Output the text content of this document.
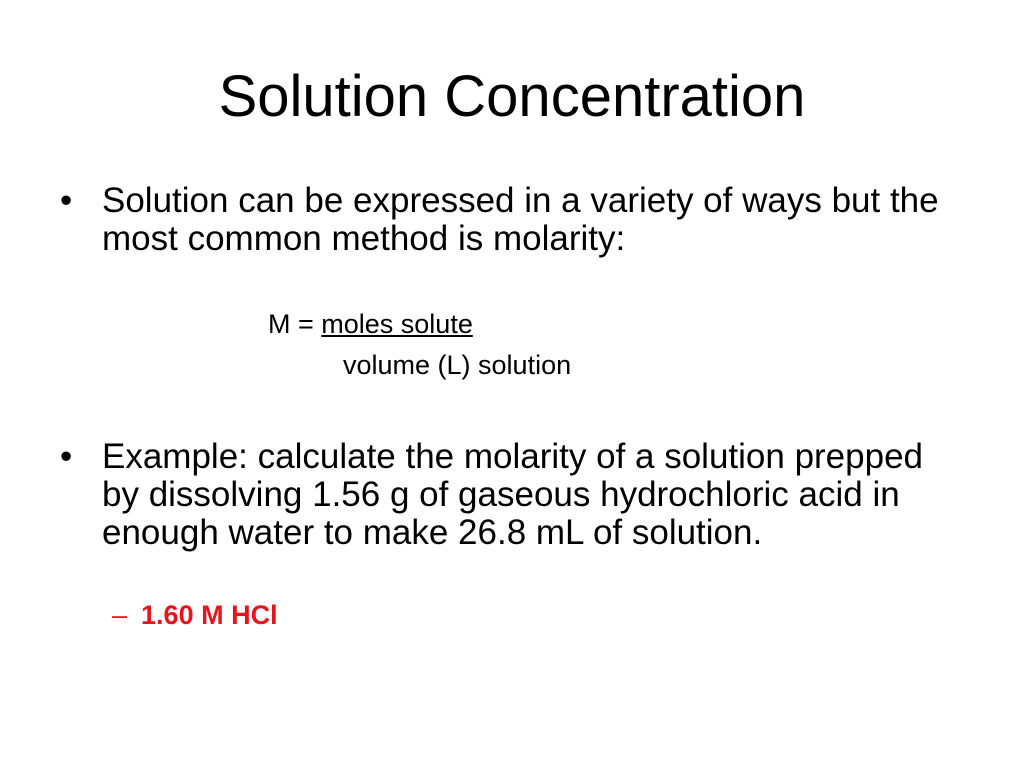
Solution Concentration
• Solution can be expressed in a variety of ways but the most common method is molarity:
M = moles solute
volume (L) solution
• Example: calculate the molarity of a solution prepped by dissolving 1.56 g of gaseous hydrochloric acid in enough water to make 26.8 mL of solution.
– 1.60 M HCl
